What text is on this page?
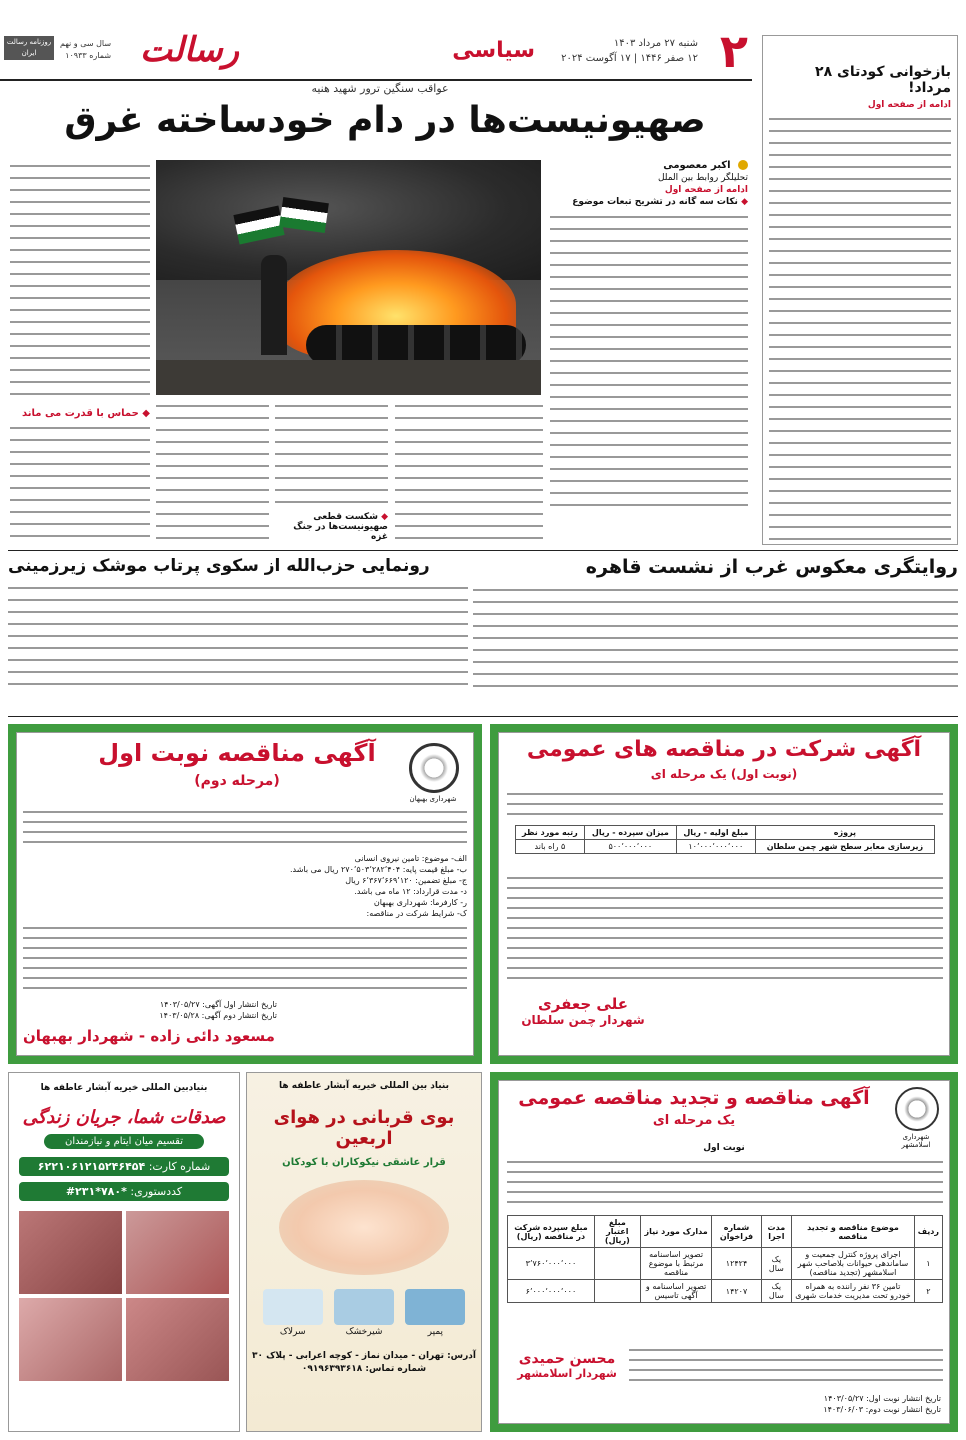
۲
شنبه ۲۷ مرداد ۱۴۰۳
۱۲ صفر ۱۴۴۶ | ۱۷ آگوست ۲۰۲۴
سیاسی
رسالت
سال سی و نهم
شماره ۱۰۹۳۳
روزنامه رسالت ایران
بازخوانی کودتای ۲۸ مرداد!
ادامه از صفحه اول
عواقب سنگین ترور شهید هنیه
صهیونیست‌ها در دام خودساخته غرق
اکبر معصومی
تحلیلگر روابط بین الملل
ادامه از صفحه اول
◆ نکات سه گانه در تشریح تبعات موضوع
◆ شکست قطعی صهیونیست‌ها در جنگ غزه
◆ حماس با قدرت می ماند
روایتگری معکوس غرب از نشست قاهره
رونمایی حزب‌الله از سکوی پرتاب موشک زیرزمینی
شهرداری بهبهان
آگهی مناقصه نوبت اول
(مرحله دوم)
الف- موضوع: تامین نیروی انسانی
ب- مبلغ قیمت پایه: ۲۷۰٬۵۰۳٬۲۸۲٬۴۰۴ ریال می باشد.
ج- مبلغ تضمین: ۶٬۳۶۷٬۶۶۹٬۱۲۰ ریال
د- مدت قرارداد: ۱۲ ماه می باشد.
ر- کارفرما: شهرداری بهبهان
ک- شرایط شرکت در مناقصه:
تاریخ انتشار اول آگهی: ۱۴۰۳/۰۵/۲۷
تاریخ انتشار دوم آگهی: ۱۴۰۳/۰۵/۲۸
مسعود دائی زاده - شهردار بهبهان
آگهی شرکت در مناقصه های عمومی
(نوبت اول) یک مرحله ای
پروژه	مبلغ اولیه - ریال	میزان سپرده - ریال	رتبه مورد نظر
زیرسازی معابر سطح شهر چمن سلطان	۱۰٬۰۰۰٬۰۰۰٬۰۰۰	۵۰۰٬۰۰۰٬۰۰۰	۵ راه باند
علی جعفری
شهردار چمن سلطان
بنیادبین المللی خیریه آبشار عاطفه ها
صدقات شما، جریان زندگی
تقسیم میان ایتام و نیازمندان
شماره کارت: ۶۲۲۱۰۶۱۲۱۵۲۴۶۴۵۴
کددستوری: *۷۸۰*۲۳۱#
بنیاد بین المللی خیریه آبشار عاطفه ها
بوی قربانی در هوای اربعین
قرار عاشقی نیکوکاران با کودکان
پمپر
شیرخشک
سرلاک
آدرس: تهران - میدان نماز - کوچه اعرابی - پلاک ۳۰
شماره تماس: ۰۹۱۹۶۳۹۳۶۱۸
شهرداری اسلامشهر
آگهی مناقصه و تجدید مناقصه عمومی
یک مرحله ای
نوبت اول
ردیف	موضوع مناقصه و تجدید مناقصه	مدت اجرا	شماره فراخوان	مدارک مورد نیاز	مبلغ اعتبار (ریال)	مبلغ سپرده شرکت در مناقصه (ریال)
۱	اجرای پروژه کنترل جمعیت و ساماندهی حیوانات بلاصاحب شهر اسلامشهر (تجدید مناقصه)	یک سال	۱۲۴۲۴	تصویر اساسنامه مرتبط با موضوع مناقصه		۳٬۷۶۰٬۰۰۰٬۰۰۰
۲	تامین ۳۶ نفر راننده به همراه خودرو تحت مدیریت خدمات شهری	یک سال	۱۴۲۰۷	تصویر اساسنامه و آگهی تاسیس		۶٬۰۰۰٬۰۰۰٬۰۰۰
تاریخ انتشار نوبت اول: ۱۴۰۳/۰۵/۲۷
تاریخ انتشار نوبت دوم: ۱۴۰۳/۰۶/۰۳
محسن حمیدی
شهردار اسلامشهر
